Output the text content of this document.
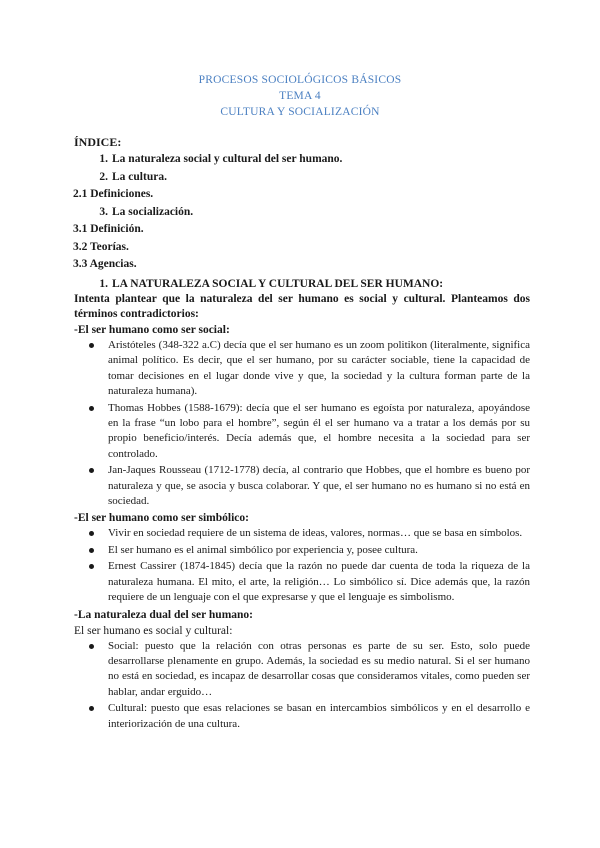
PROCESOS SOCIOLÓGICOS BÁSICOS
TEMA 4
CULTURA Y SOCIALIZACIÓN
ÍNDICE:
1. La naturaleza social y cultural del ser humano.
2. La cultura.
2.1 Definiciones.
3. La socialización.
3.1 Definición.
3.2 Teorías.
3.3 Agencias.
1. LA NATURALEZA SOCIAL Y CULTURAL DEL SER HUMANO:
Intenta plantear que la naturaleza del ser humano es social y cultural. Planteamos dos términos contradictorios:
-El ser humano como ser social:
Aristóteles (348-322 a.C) decía que el ser humano es un zoom politikon (literalmente, significa animal político. Es decir, que el ser humano, por su carácter sociable, tiene la capacidad de tomar decisiones en el lugar donde vive y que, la sociedad y la cultura forman parte de la naturaleza humana).
Thomas Hobbes (1588-1679): decía que el ser humano es egoísta por naturaleza, apoyándose en la frase “un lobo para el hombre”, según él el ser humano va a tratar a los demás por su propio beneficio/interés. Decía además que, el hombre necesita a la sociedad para ser controlado.
Jan-Jaques Rousseau (1712-1778) decía, al contrario que Hobbes, que el hombre es bueno por naturaleza y que, se asocia y busca colaborar. Y que, el ser humano no es humano si no está en sociedad.
-El ser humano como ser simbólico:
Vivir en sociedad requiere de un sistema de ideas, valores, normas… que se basa en símbolos.
El ser humano es el animal simbólico por experiencia y, posee cultura.
Ernest Cassirer (1874-1845) decía que la razón no puede dar cuenta de toda la riqueza de la naturaleza humana. El mito, el arte, la religión… Lo simbólico sí. Dice además que, la razón requiere de un lenguaje con el que expresarse y que el lenguaje es simbolismo.
-La naturaleza dual del ser humano:
El ser humano es social y cultural:
Social: puesto que la relación con otras personas es parte de su ser. Esto, solo puede desarrollarse plenamente en grupo. Además, la sociedad es su medio natural. Si el ser humano no está en sociedad, es incapaz de desarrollar cosas que consideramos vitales, como pueden ser hablar, andar erguido…
Cultural: puesto que esas relaciones se basan en intercambios simbólicos y en el desarrollo e interiorización de una cultura.
